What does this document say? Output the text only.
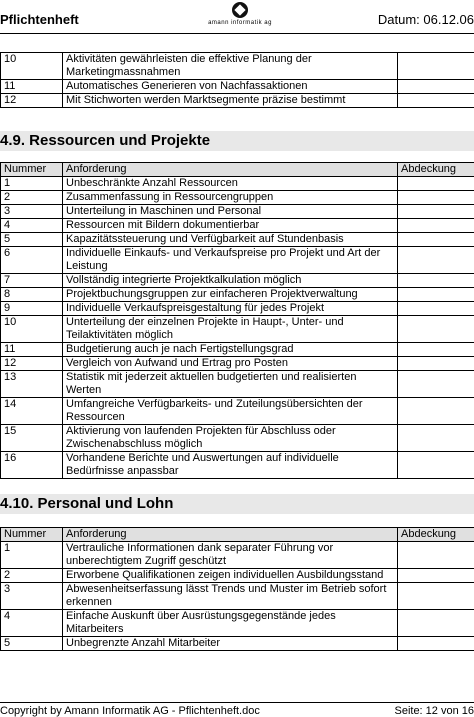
Pflichtenheft	amann informatik ag	Datum: 06.12.06
10	Aktivitäten gewährleisten die effektive Planung der Marketingmassnahmen	
11	Automatisches Generieren von Nachfassaktionen	
12	Mit Stichworten werden Marktsegmente präzise bestimmt	
4.9. Ressourcen und Projekte
Nummer	Anforderung	Abdeckung
1	Unbeschränkte Anzahl Ressourcen	
2	Zusammenfassung in Ressourcengruppen	
3	Unterteilung in Maschinen und Personal	
4	Ressourcen mit Bildern dokumentierbar	
5	Kapazitätssteuerung und Verfügbarkeit auf Stundenbasis	
6	Individuelle Einkaufs- und Verkaufspreise pro Projekt und Art der Leistung	
7	Vollständig integrierte Projektkalkulation möglich	
8	Projektbuchungsgruppen zur einfacheren Projektverwaltung	
9	Individuelle Verkaufspreisgestaltung für jedes Projekt	
10	Unterteilung der einzelnen Projekte in Haupt-, Unter- und Teilaktivitäten möglich	
11	Budgetierung auch je nach Fertigstellungsgrad	
12	Vergleich von Aufwand und Ertrag pro Posten	
13	Statistik mit jederzeit aktuellen budgetierten und realisierten Werten	
14	Umfangreiche Verfügbarkeits- und Zuteilungsübersichten der Ressourcen	
15	Aktivierung von laufenden Projekten für Abschluss oder Zwischenabschluss möglich	
16	Vorhandene Berichte und Auswertungen auf individuelle Bedürfnisse anpassbar	
4.10. Personal und Lohn
Nummer	Anforderung	Abdeckung
1	Vertrauliche Informationen dank separater Führung vor unberechtigtem Zugriff geschützt	
2	Erworbene Qualifikationen zeigen individuellen Ausbildungsstand	
3	Abwesenheitserfassung lässt Trends und Muster im Betrieb sofort erkennen	
4	Einfache Auskunft über Ausrüstungsgegenstände jedes Mitarbeiters	
5	Unbegrenzte Anzahl Mitarbeiter	
Copyright by Amann Informatik AG - Pflichtenheft.doc	Seite: 12 von 16
